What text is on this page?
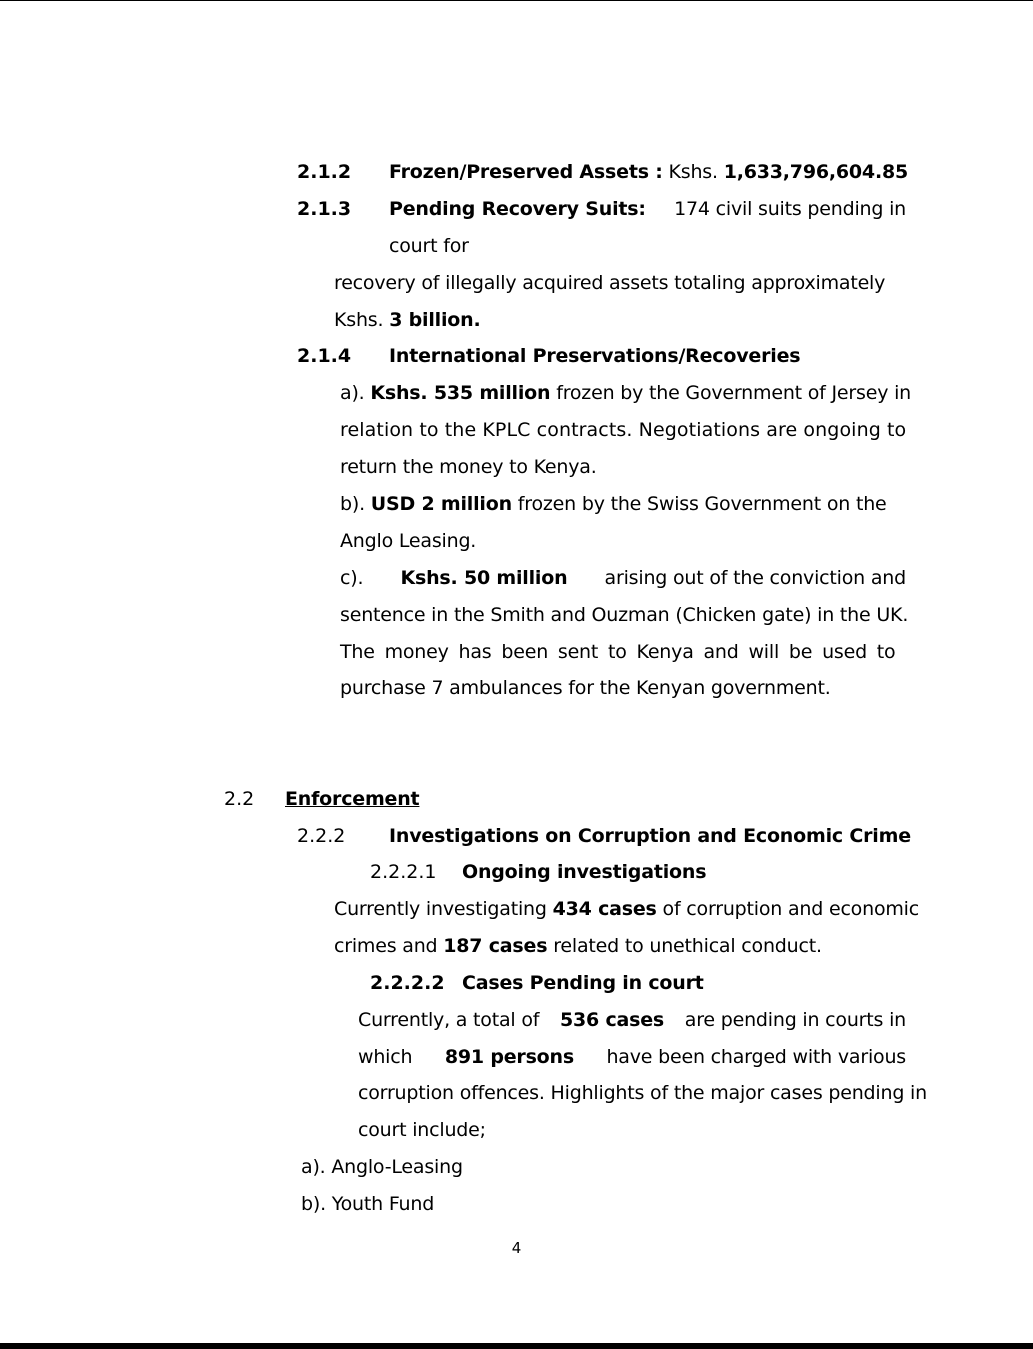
2.1.2 Frozen/Preserved Assets : Kshs. 1,633,796,604.85
2.1.3 Pending Recovery Suits: 174 civil suits pending in
court for
recovery of illegally acquired assets totaling approximately
Kshs. 3 billion.
2.1.4 International Preservations/Recoveries
a). Kshs. 535 million frozen by the Government of Jersey in
relation to the KPLC contracts. Negotiations are ongoing to
return the money to Kenya.
b). USD 2 million frozen by the Swiss Government on the
Anglo Leasing.
c). Kshs. 50 million arising out of the conviction and
sentence in the Smith and Ouzman (Chicken gate) in the UK.
The money has been sent to Kenya and will be used to
purchase 7 ambulances for the Kenyan government.
2.2 Enforcement
2.2.2 Investigations on Corruption and Economic Crime
2.2.2.1 Ongoing investigations
Currently investigating 434 cases of corruption and economic
crimes and 187 cases related to unethical conduct.
2.2.2.2 Cases Pending in court
Currently, a total of 536 cases are pending in courts in
which 891 persons have been charged with various
corruption offences. Highlights of the major cases pending in
court include;
a). Anglo-Leasing
b). Youth Fund
4
